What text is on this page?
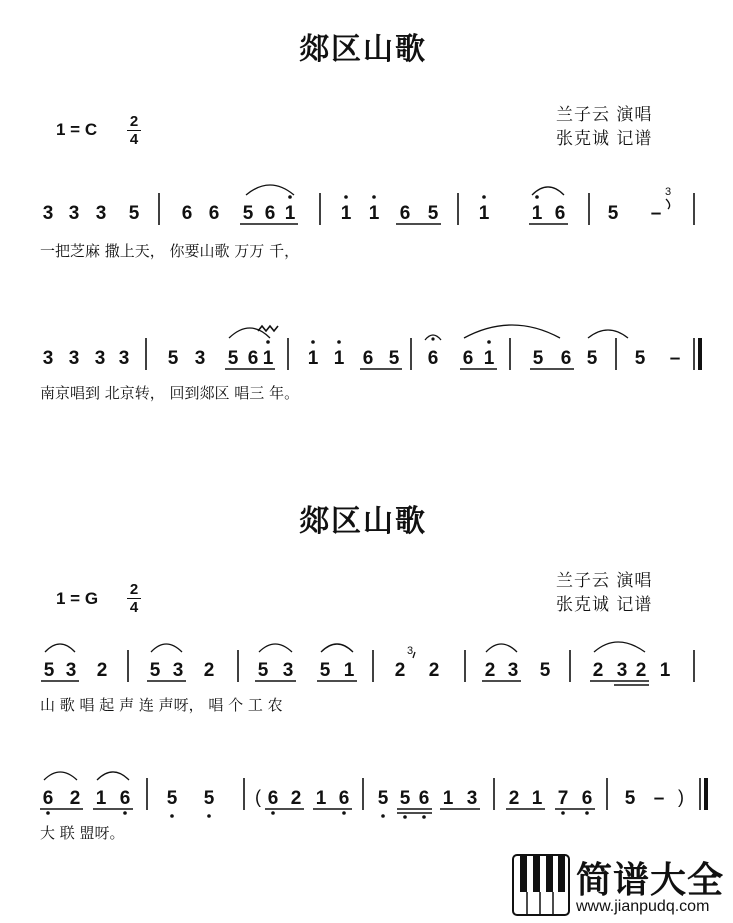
郯区山歌
兰子云 演唱
张克诚 记谱
1 = C 2
4
3 3 3 5 6 6 5 6 1 1 1 6 5 1 1 6 5 –
3
一把芝麻 撒上天， 你要山歌 万万 千，
3 3 3 3 5 3 5 6 1 1 1 6 5 6 6 1 5 6 5 5 –
南京唱到 北京转， 回到郯区 唱三 年。
郯区山歌
兰子云 演唱
张克诚 记谱
1 = G 2
4
5 3 2 5 3 2 5 3 5 1 2 2 2 3 5 2 3 2 1
3
山 歌 唱 起 声 连 声呀， 唱 个 工 农
6 2 1 6 5 5 ( 6 2 1 6 5 5 6 1 3 2 1 7 6 5 – )
大 联 盟呀。
简谱大全
www.jianpudq.com
